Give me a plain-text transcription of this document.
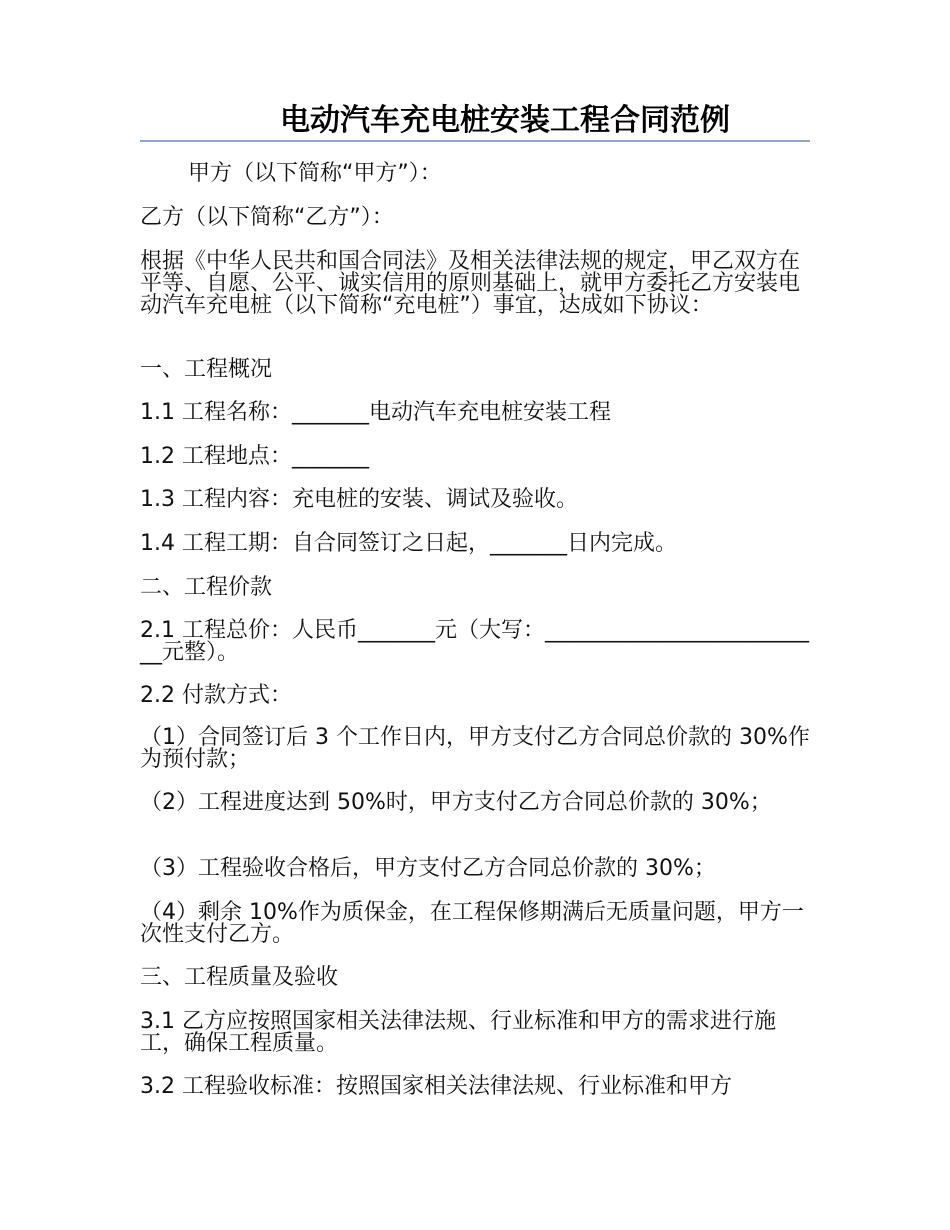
电动汽车充电桩安装工程合同范例
甲方（以下简称“甲方”）：
乙方（以下简称“乙方”）：
根据《中华人民共和国合同法》及相关法律法规的规定，甲乙双方在平等、自愿、公平、诚实信用的原则基础上，就甲方委托乙方安装电动汽车充电桩（以下简称“充电桩”）事宜，达成如下协议：
一、工程概况
1.1 工程名称：_______电动汽车充电桩安装工程
1.2 工程地点：_______
1.3 工程内容：充电桩的安装、调试及验收。
1.4 工程工期：自合同签订之日起，_______日内完成。
二、工程价款
2.1 工程总价：人民币_______元（大写：__________________________元整）。
2.2 付款方式：
（1）合同签订后 3 个工作日内，甲方支付乙方合同总价款的 30%作为预付款；
（2）工程进度达到 50%时，甲方支付乙方合同总价款的 30%；
（3）工程验收合格后，甲方支付乙方合同总价款的 30%；
（4）剩余 10%作为质保金，在工程保修期满后无质量问题，甲方一次性支付乙方。
三、工程质量及验收
3.1 乙方应按照国家相关法律法规、行业标准和甲方的需求进行施工，确保工程质量。
3.2 工程验收标准：按照国家相关法律法规、行业标准和甲方
